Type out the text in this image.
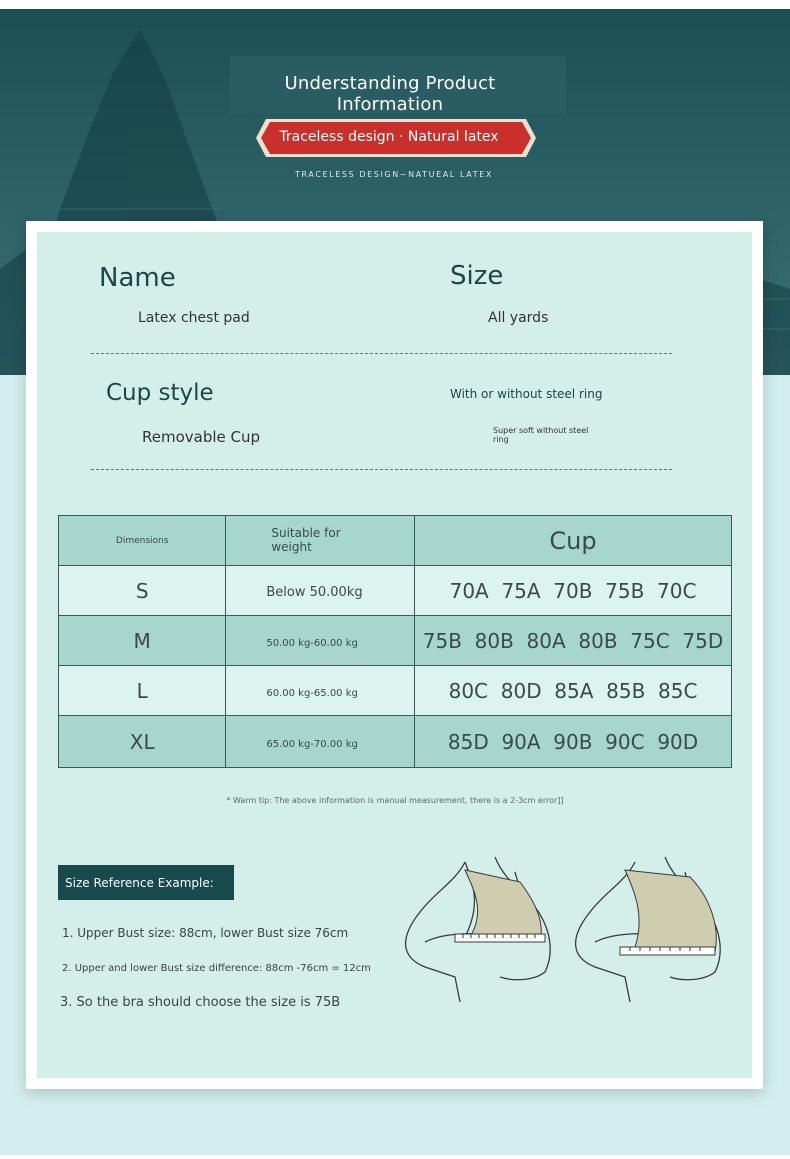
Understanding Product Information
Traceless design · Natural latex
TRACELESS DESIGN~NATUEAL LATEX
Name
Latex chest pad
Size
All yards
Cup style
Removable Cup
With or without steel ring
Super soft without steel ring
Dimensions	Suitable for weight	Cup
S	Below 50.00kg	70A  75A  70B  75B  70C
M	50.00 kg-60.00 kg	75B  80B  80A  80B  75C  75D
L	60.00 kg-65.00 kg	80C  80D  85A  85B  85C
XL	65.00 kg-70.00 kg	85D  90A  90B  90C  90D
* Warm tip: The above information is manual measurement, there is a 2-3cm error]]
Size Reference Example:
1. Upper Bust size: 88cm, lower Bust size 76cm
2. Upper and lower Bust size difference: 88cm -76cm = 12cm
3. So the bra should choose the size is 75B
